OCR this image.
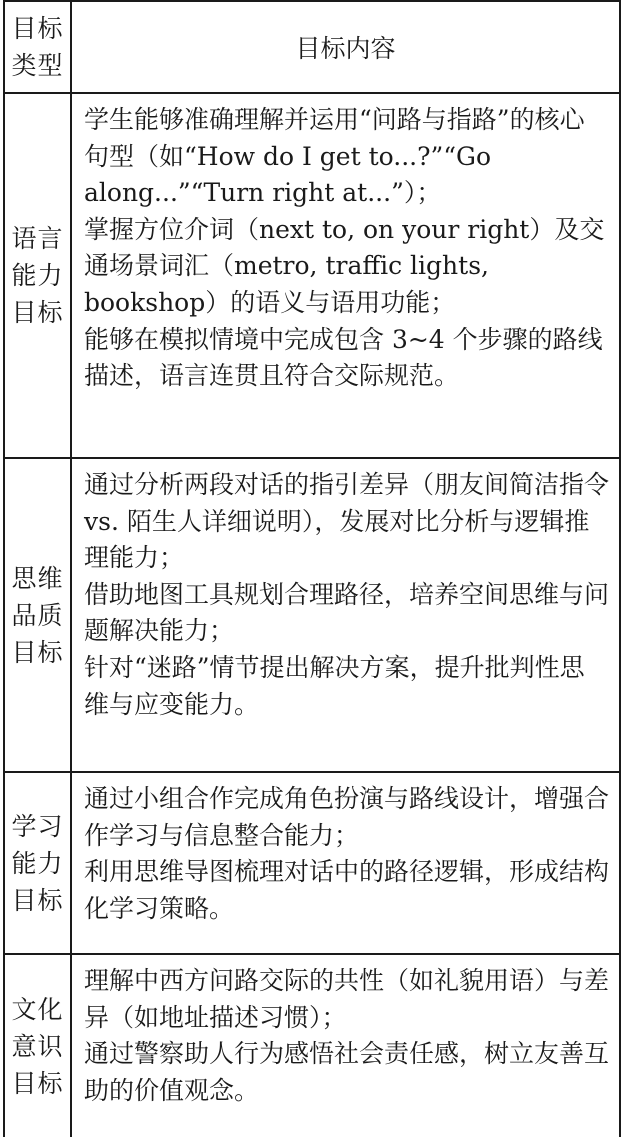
目标类型
目标内容
语言能力目标

学生能够准确理解并运用“问路与指路”的核心句型（如“How do I get to...?”“Go along...”“Turn right at...”）；

掌握方位介词（next to, on your right）及交通场景词汇（metro, traffic lights, bookshop）的语义与语用功能；

能够在模拟情境中完成包含 3~4 个步骤的路线描述，语言连贯且符合交际规范。

思维品质目标

通过分析两段对话的指引差异（朋友间简洁指令 vs. 陌生人详细说明），发展对比分析与逻辑推理能力；

借助地图工具规划合理路径，培养空间思维与问题解决能力；

针对“迷路”情节提出解决方案，提升批判性思维与应变能力。

学习能力目标

通过小组合作完成角色扮演与路线设计，增强合作学习与信息整合能力；

利用思维导图梳理对话中的路径逻辑，形成结构化学习策略。

文化意识目标

理解中西方问路交际的共性（如礼貌用语）与差异（如地址描述习惯）；

通过警察助人行为感悟社会责任感，树立友善互助的价值观念。
